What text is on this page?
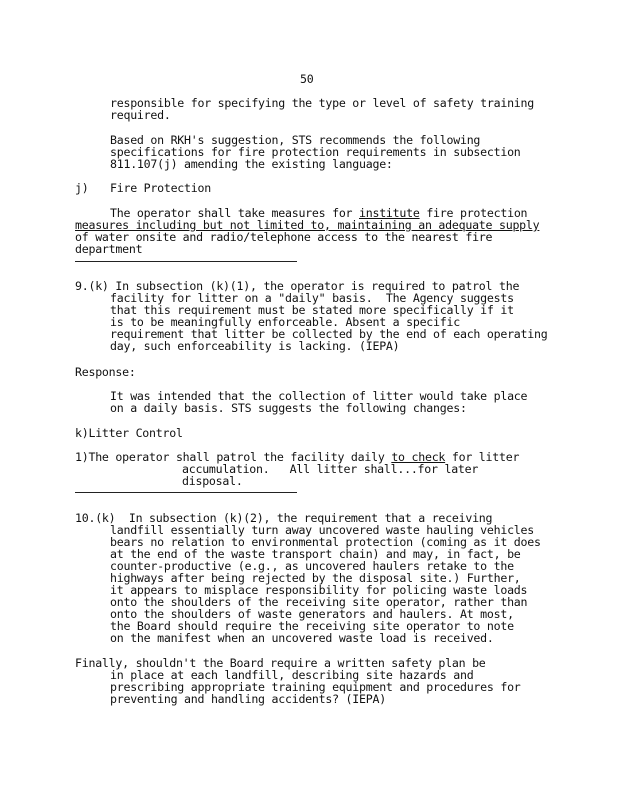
50
responsible for specifying the type or level of safety training
required.
Based on RKH's suggestion, STS recommends the following
specifications for fire protection requirements in subsection
811.107(j) amending the existing language:
j) Fire Protection
The operator shall take measures for institute fire protection
measures including but not limited to, maintaining an adequate supply
of water onsite and radio/telephone access to the nearest fire
department
9.(k) In subsection (k)(1), the operator is required to patrol the
facility for litter on a "daily" basis.  The Agency suggests
that this requirement must be stated more specifically if it
is to be meaningfully enforceable. Absent a specific
requirement that litter be collected by the end of each operating
day, such enforceability is lacking. (IEPA)
Response:
It was intended that the collection of litter would take place
on a daily basis. STS suggests the following changes:
k)Litter Control
1)The operator shall patrol the facility daily to check for litter
accumulation.   All litter shall...for later
disposal.
10.(k)  In subsection (k)(2), the requirement that a receiving
landfill essentially turn away uncovered waste hauling vehicles
bears no relation to environmental protection (coming as it does
at the end of the waste transport chain) and may, in fact, be
counter-productive (e.g., as uncovered haulers retake to the
highways after being rejected by the disposal site.) Further,
it appears to misplace responsibility for policing waste loads
onto the shoulders of the receiving site operator, rather than
onto the shoulders of waste generators and haulers. At most,
the Board should require the receiving site operator to note
on the manifest when an uncovered waste load is received.
Finally, shouldn't the Board require a written safety plan be
in place at each landfill, describing site hazards and
prescribing appropriate training equipment and procedures for
preventing and handling accidents? (IEPA)
